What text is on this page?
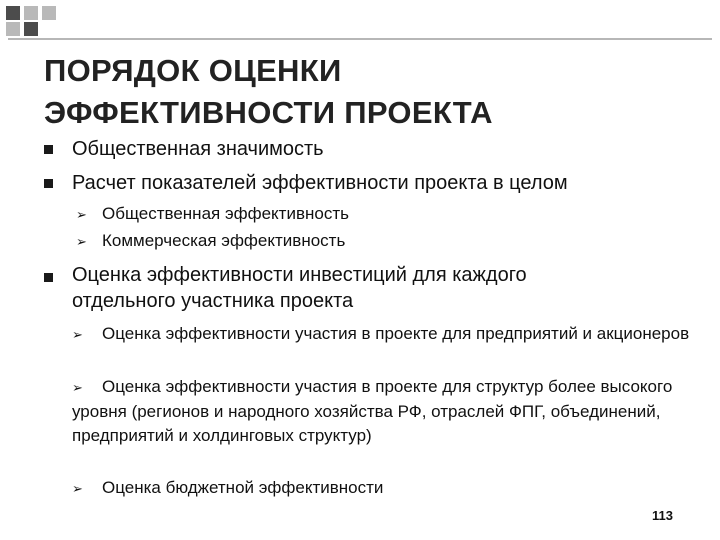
ПОРЯДОК ОЦЕНКИ
ЭФФЕКТИВНОСТИ ПРОЕКТА
Общественная значимость
Расчет показателей эффективности проекта в целом
➢ Общественная эффективность
➢ Коммерческая эффективность
Оценка эффективности инвестиций для каждого
отдельного участника проекта
➢ Оценка эффективности участия в проекте для предприятий и акционеров
➢ Оценка эффективности участия в проекте для структур более высокого уровня (регионов и народного хозяйства РФ, отраслей ФПГ, объединений, предприятий и холдинговых структур)
➢ Оценка бюджетной эффективности
113
